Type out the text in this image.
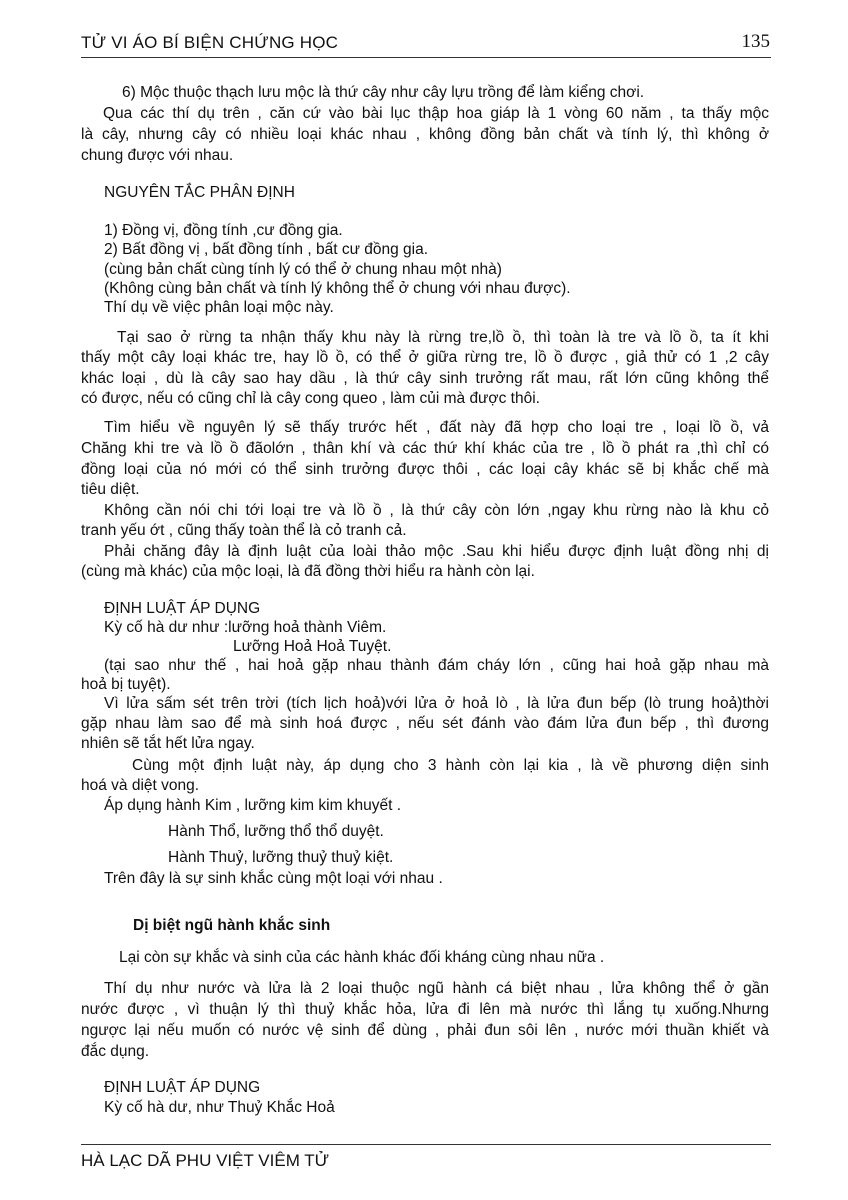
TỬ VI ÁO BÍ BIỆN CHỨNG HỌC	135
6) Mộc thuộc thạch lưu mộc là thứ cây như cây lựu trồng để làm kiểng chơi.
Qua các thí dụ trên , căn cứ vào bài lục thập hoa giáp là 1 vòng 60 năm , ta thấy mộc
là cây, nhưng cây có nhiều loại khác nhau , không đồng bản chất và tính lý, thì không ở
chung được với nhau.
NGUYÊN TẮC PHÂN ĐỊNH
1) Đồng vị, đồng tính ,cư đồng gia.
2) Bất đồng vị , bất đồng tính , bất cư đồng gia.
(cùng bản chất cùng tính lý có thể ở chung nhau một nhà)
(Không cùng bản chất và tính lý không thể ở chung với nhau được).
Thí dụ về việc phân loại mộc này.
Tại sao ở rừng ta nhận thấy khu này là rừng tre,lồ ồ, thì toàn là tre và lồ ồ, ta ít khi
thấy một cây loại khác tre, hay lồ ồ, có thể ở giữa rừng tre, lồ ồ được , giả thử có 1 ,2 cây
khác loại , dù là cây sao hay dầu , là thứ cây sinh trưởng rất mau, rất lớn cũng không thể
có được, nếu có cũng chỉ là cây cong queo , làm củi mà được thôi.
Tìm hiểu về nguyên lý sẽ thấy trước hết , đất này đã hợp cho loại tre , loại lồ ồ, vả
Chăng khi tre và lồ ồ đãolớn , thân khí và các thứ khí khác của tre , lồ ồ phát ra ,thì chỉ có
đồng loại của nó mới có thể sinh trưởng được thôi , các loại cây khác sẽ bị khắc chế mà
tiêu diệt.
Không cần nói chi tới loại tre và lồ ồ , là thứ cây còn lớn ,ngay khu rừng nào là khu cỏ
tranh yếu ớt , cũng thấy toàn thể là cỏ tranh cả.
Phải chăng đây là định luật của loài thảo mộc .Sau khi hiểu được định luật đồng nhị dị
(cùng mà khác) của mộc loại, là đã đồng thời hiểu ra hành còn lại.
ĐỊNH LUẬT ÁP DỤNG
Kỳ cố hà dư như :lưỡng hoả thành Viêm.
Lưỡng Hoả Hoả Tuyệt.
(tại sao như thế , hai hoả gặp nhau thành đám cháy lớn , cũng hai hoả gặp nhau mà
hoả bị tuyệt).
Vì lửa sấm sét trên trời (tích lịch hoả)với lửa ở hoả lò , là lửa đun bếp (lò trung hoả)thời
gặp nhau làm sao để mà sinh hoá được , nếu sét đánh vào đám lửa đun bếp , thì đương
nhiên sẽ tắt hết lửa ngay.
Cùng một định luật này, áp dụng cho 3 hành còn lại kia , là về phương diện sinh
hoá và diệt vong.
Áp dụng hành Kim , lưỡng kim kim khuyết .
Hành Thổ, lưỡng thổ thổ duyệt.
Hành Thuỷ, lưỡng thuỷ thuỷ kiệt.
Trên đây là sự sinh khắc cùng một loại với nhau .
Dị biệt ngũ hành khắc sinh
Lại còn sự khắc và sinh của các hành khác đối kháng cùng nhau nữa .
Thí dụ như nước và lửa là 2 loại thuộc ngũ hành cá biệt nhau , lửa không thể ở gần
nước được , vì thuận lý thì thuỷ khắc hỏa, lửa đi lên mà nước thì lắng tụ xuống.Nhưng
ngược lại nếu muốn có nước vệ sinh để dùng , phải đun sôi lên , nước mới thuần khiết và
đắc dụng.
ĐỊNH LUẬT ÁP DỤNG
Kỳ cố hà dư, như Thuỷ Khắc Hoả
HÀ LẠC DÃ PHU VIỆT VIÊM TỬ
